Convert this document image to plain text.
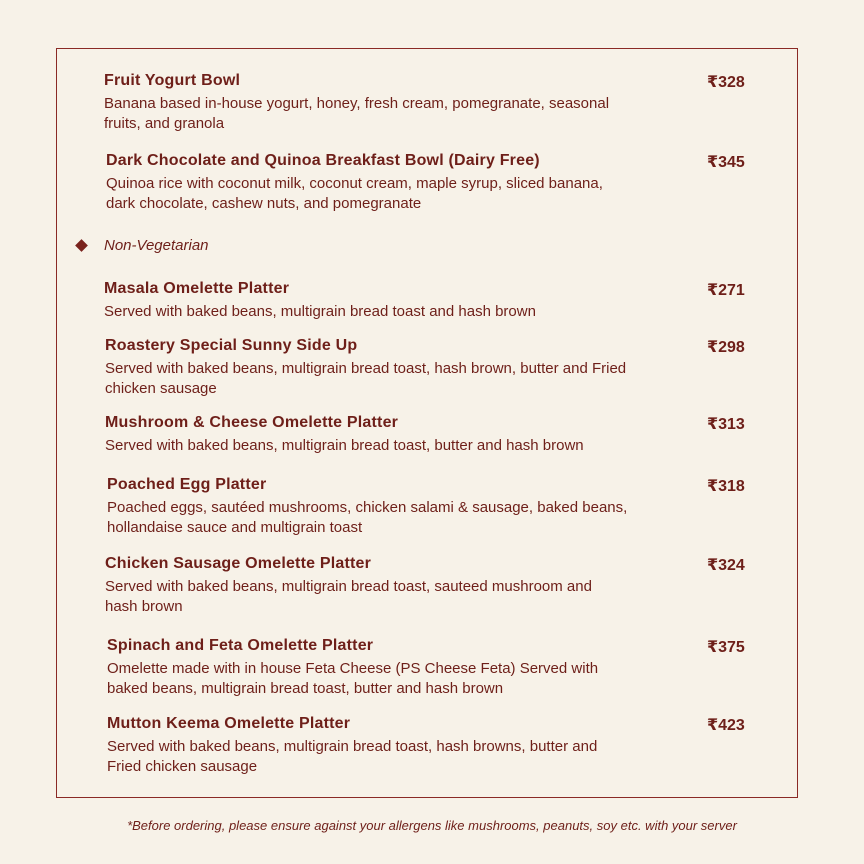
Fruit Yogurt Bowl
Banana based in-house yogurt, honey, fresh cream, pomegranate, seasonal fruits, and granola
₹328
Dark Chocolate and Quinoa Breakfast Bowl (Dairy Free)
Quinoa rice with coconut milk, coconut cream, maple syrup, sliced banana, dark chocolate, cashew nuts, and pomegranate
₹345
Non-Vegetarian
Masala Omelette Platter
Served with baked beans, multigrain bread toast and hash brown
₹271
Roastery Special Sunny Side Up
Served with baked beans, multigrain bread toast, hash brown, butter and Fried chicken sausage
₹298
Mushroom & Cheese Omelette Platter
Served with baked beans, multigrain bread toast, butter and hash brown
₹313
Poached Egg Platter
Poached eggs, sautéed mushrooms, chicken salami & sausage, baked beans, hollandaise sauce and multigrain toast
₹318
Chicken Sausage Omelette Platter
Served with baked beans, multigrain bread toast, sauteed mushroom and hash brown
₹324
Spinach and Feta Omelette Platter
Omelette made with in house Feta Cheese (PS Cheese Feta) Served with baked beans, multigrain bread toast, butter and hash brown
₹375
Mutton Keema Omelette Platter
Served with baked beans, multigrain bread toast, hash browns, butter and Fried chicken sausage
₹423
*Before ordering, please ensure against your allergens like mushrooms, peanuts, soy etc. with your server
